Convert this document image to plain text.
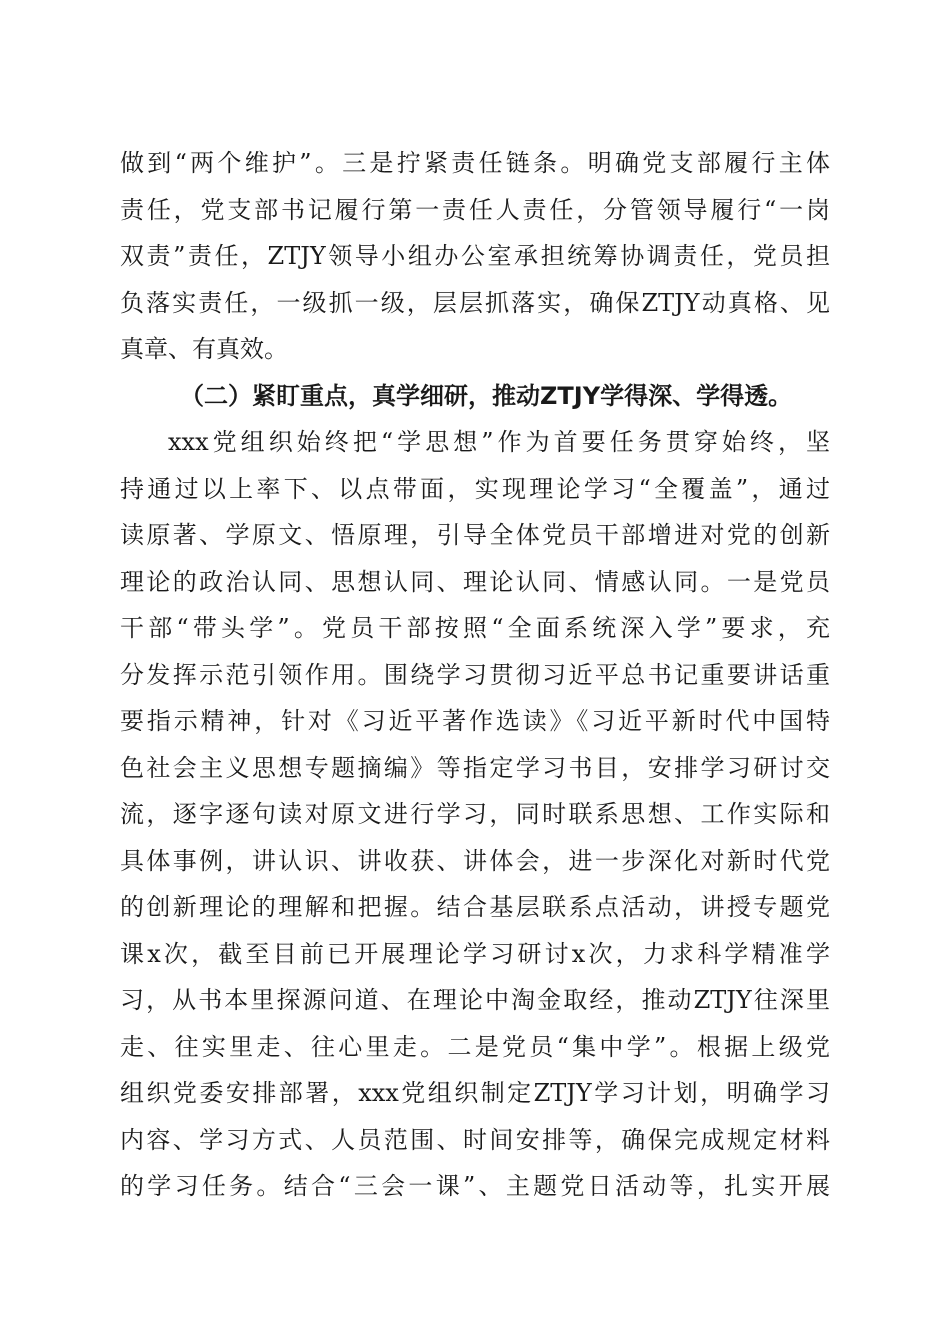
做到“两个维护”。三是拧紧责任链条。明确党支部履行主体
责任，党支部书记履行第一责任人责任，分管领导履行“一岗
双责”责任，ZTJY领导小组办公室承担统筹协调责任，党员担
负落实责任，一级抓一级，层层抓落实，确保ZTJY动真格、见
真章、有真效。
（二）紧盯重点，真学细研，推动ZTJY学得深、学得透。
xxx党组织始终把“学思想”作为首要任务贯穿始终，坚
持通过以上率下、以点带面，实现理论学习“全覆盖”，通过
读原著、学原文、悟原理，引导全体党员干部增进对党的创新
理论的政治认同、思想认同、理论认同、情感认同。一是党员
干部“带头学”。党员干部按照“全面系统深入学”要求，充
分发挥示范引领作用。围绕学习贯彻习近平总书记重要讲话重
要指示精神，针对《习近平著作选读》《习近平新时代中国特
色社会主义思想专题摘编》等指定学习书目，安排学习研讨交
流，逐字逐句读对原文进行学习，同时联系思想、工作实际和
具体事例，讲认识、讲收获、讲体会，进一步深化对新时代党
的创新理论的理解和把握。结合基层联系点活动，讲授专题党
课x次，截至目前已开展理论学习研讨x次，力求科学精准学
习，从书本里探源问道、在理论中淘金取经，推动ZTJY往深里
走、往实里走、往心里走。二是党员“集中学”。根据上级党
组织党委安排部署，xxx党组织制定ZTJY学习计划，明确学习
内容、学习方式、人员范围、时间安排等，确保完成规定材料
的学习任务。结合“三会一课”、主题党日活动等，扎实开展
